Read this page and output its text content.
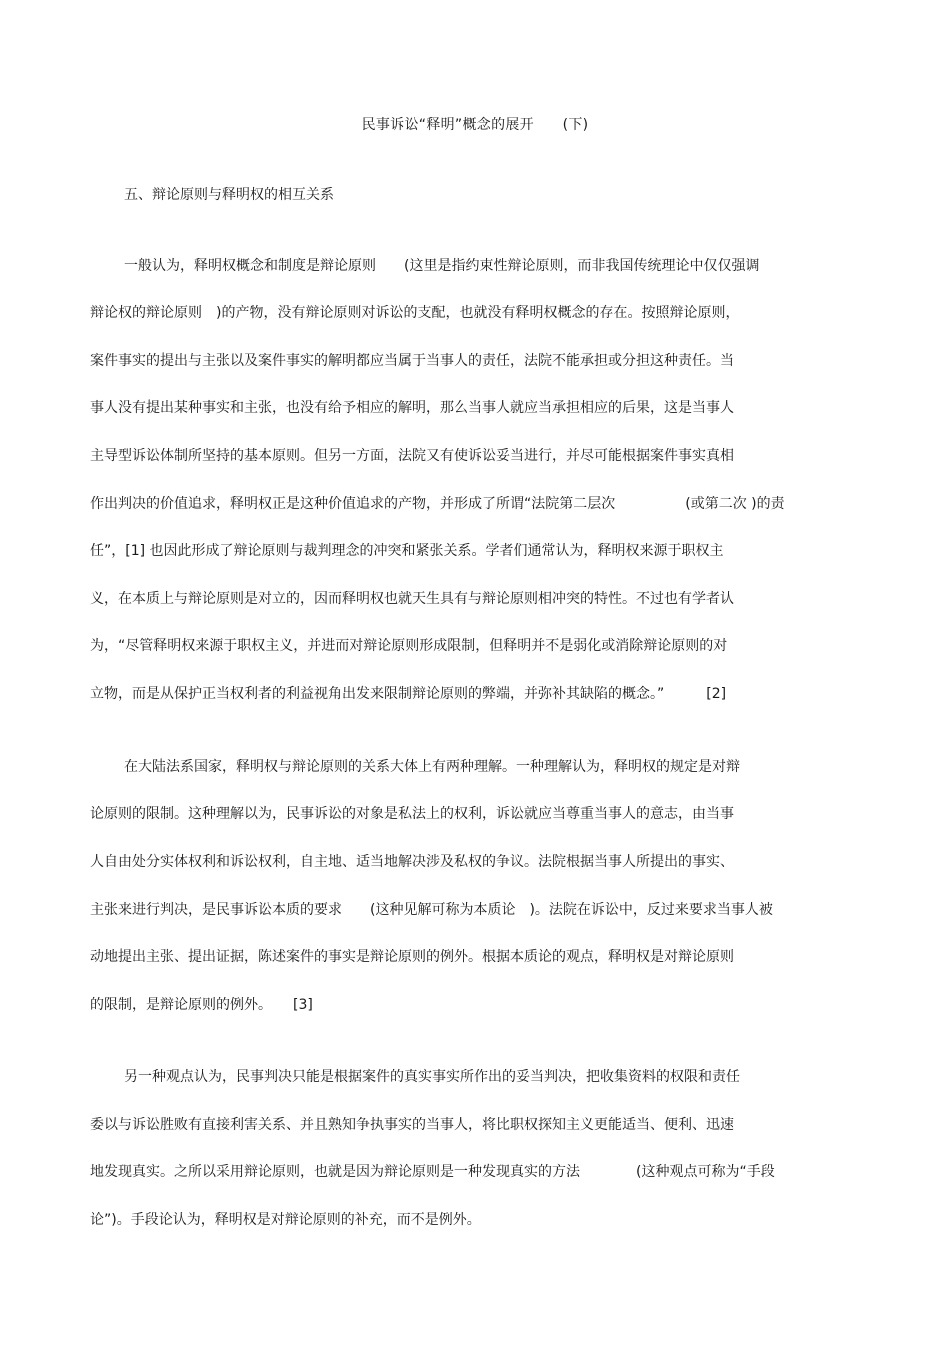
民事诉讼“释明”概念的展开　　(下)
五、辩论原则与释明权的相互关系
一般认为，释明权概念和制度是辩论原则　　(这里是指约束性辩论原则，而非我国传统理论中仅仅强调
辩论权的辩论原则　)的产物，没有辩论原则对诉讼的支配，也就没有释明权概念的存在。按照辩论原则，
案件事实的提出与主张以及案件事实的解明都应当属于当事人的责任，法院不能承担或分担这种责任。当
事人没有提出某种事实和主张，也没有给予相应的解明，那么当事人就应当承担相应的后果，这是当事人
主导型诉讼体制所坚持的基本原则。但另一方面，法院又有使诉讼妥当进行，并尽可能根据案件事实真相
作出判决的价值追求，释明权正是这种价值追求的产物，并形成了所谓“法院第二层次　　　　　(或第二次 )的责
任”，[1] 也因此形成了辩论原则与裁判理念的冲突和紧张关系。学者们通常认为，释明权来源于职权主
义，在本质上与辩论原则是对立的，因而释明权也就天生具有与辩论原则相冲突的特性。不过也有学者认
为，“尽管释明权来源于职权主义，并进而对辩论原则形成限制，但释明并不是弱化或消除辩论原则的对
立物，而是从保护正当权利者的利益视角出发来限制辩论原则的弊端，并弥补其缺陷的概念。”　　　[2]
在大陆法系国家，释明权与辩论原则的关系大体上有两种理解。一种理解认为，释明权的规定是对辩
论原则的限制。这种理解以为，民事诉讼的对象是私法上的权利，诉讼就应当尊重当事人的意志，由当事
人自由处分实体权利和诉讼权利，自主地、适当地解决涉及私权的争议。法院根据当事人所提出的事实、
主张来进行判决，是民事诉讼本质的要求　　(这种见解可称为本质论　)。法院在诉讼中，反过来要求当事人被
动地提出主张、提出证据，陈述案件的事实是辩论原则的例外。根据本质论的观点，释明权是对辩论原则
的限制，是辩论原则的例外。　　[3]
另一种观点认为，民事判决只能是根据案件的真实事实所作出的妥当判决，把收集资料的权限和责任
委以与诉讼胜败有直接利害关系、并且熟知争执事实的当事人，将比职权探知主义更能适当、便利、迅速
地发现真实。之所以采用辩论原则，也就是因为辩论原则是一种发现真实的方法　　　　(这种观点可称为“手段
论”)。手段论认为，释明权是对辩论原则的补充，而不是例外。
